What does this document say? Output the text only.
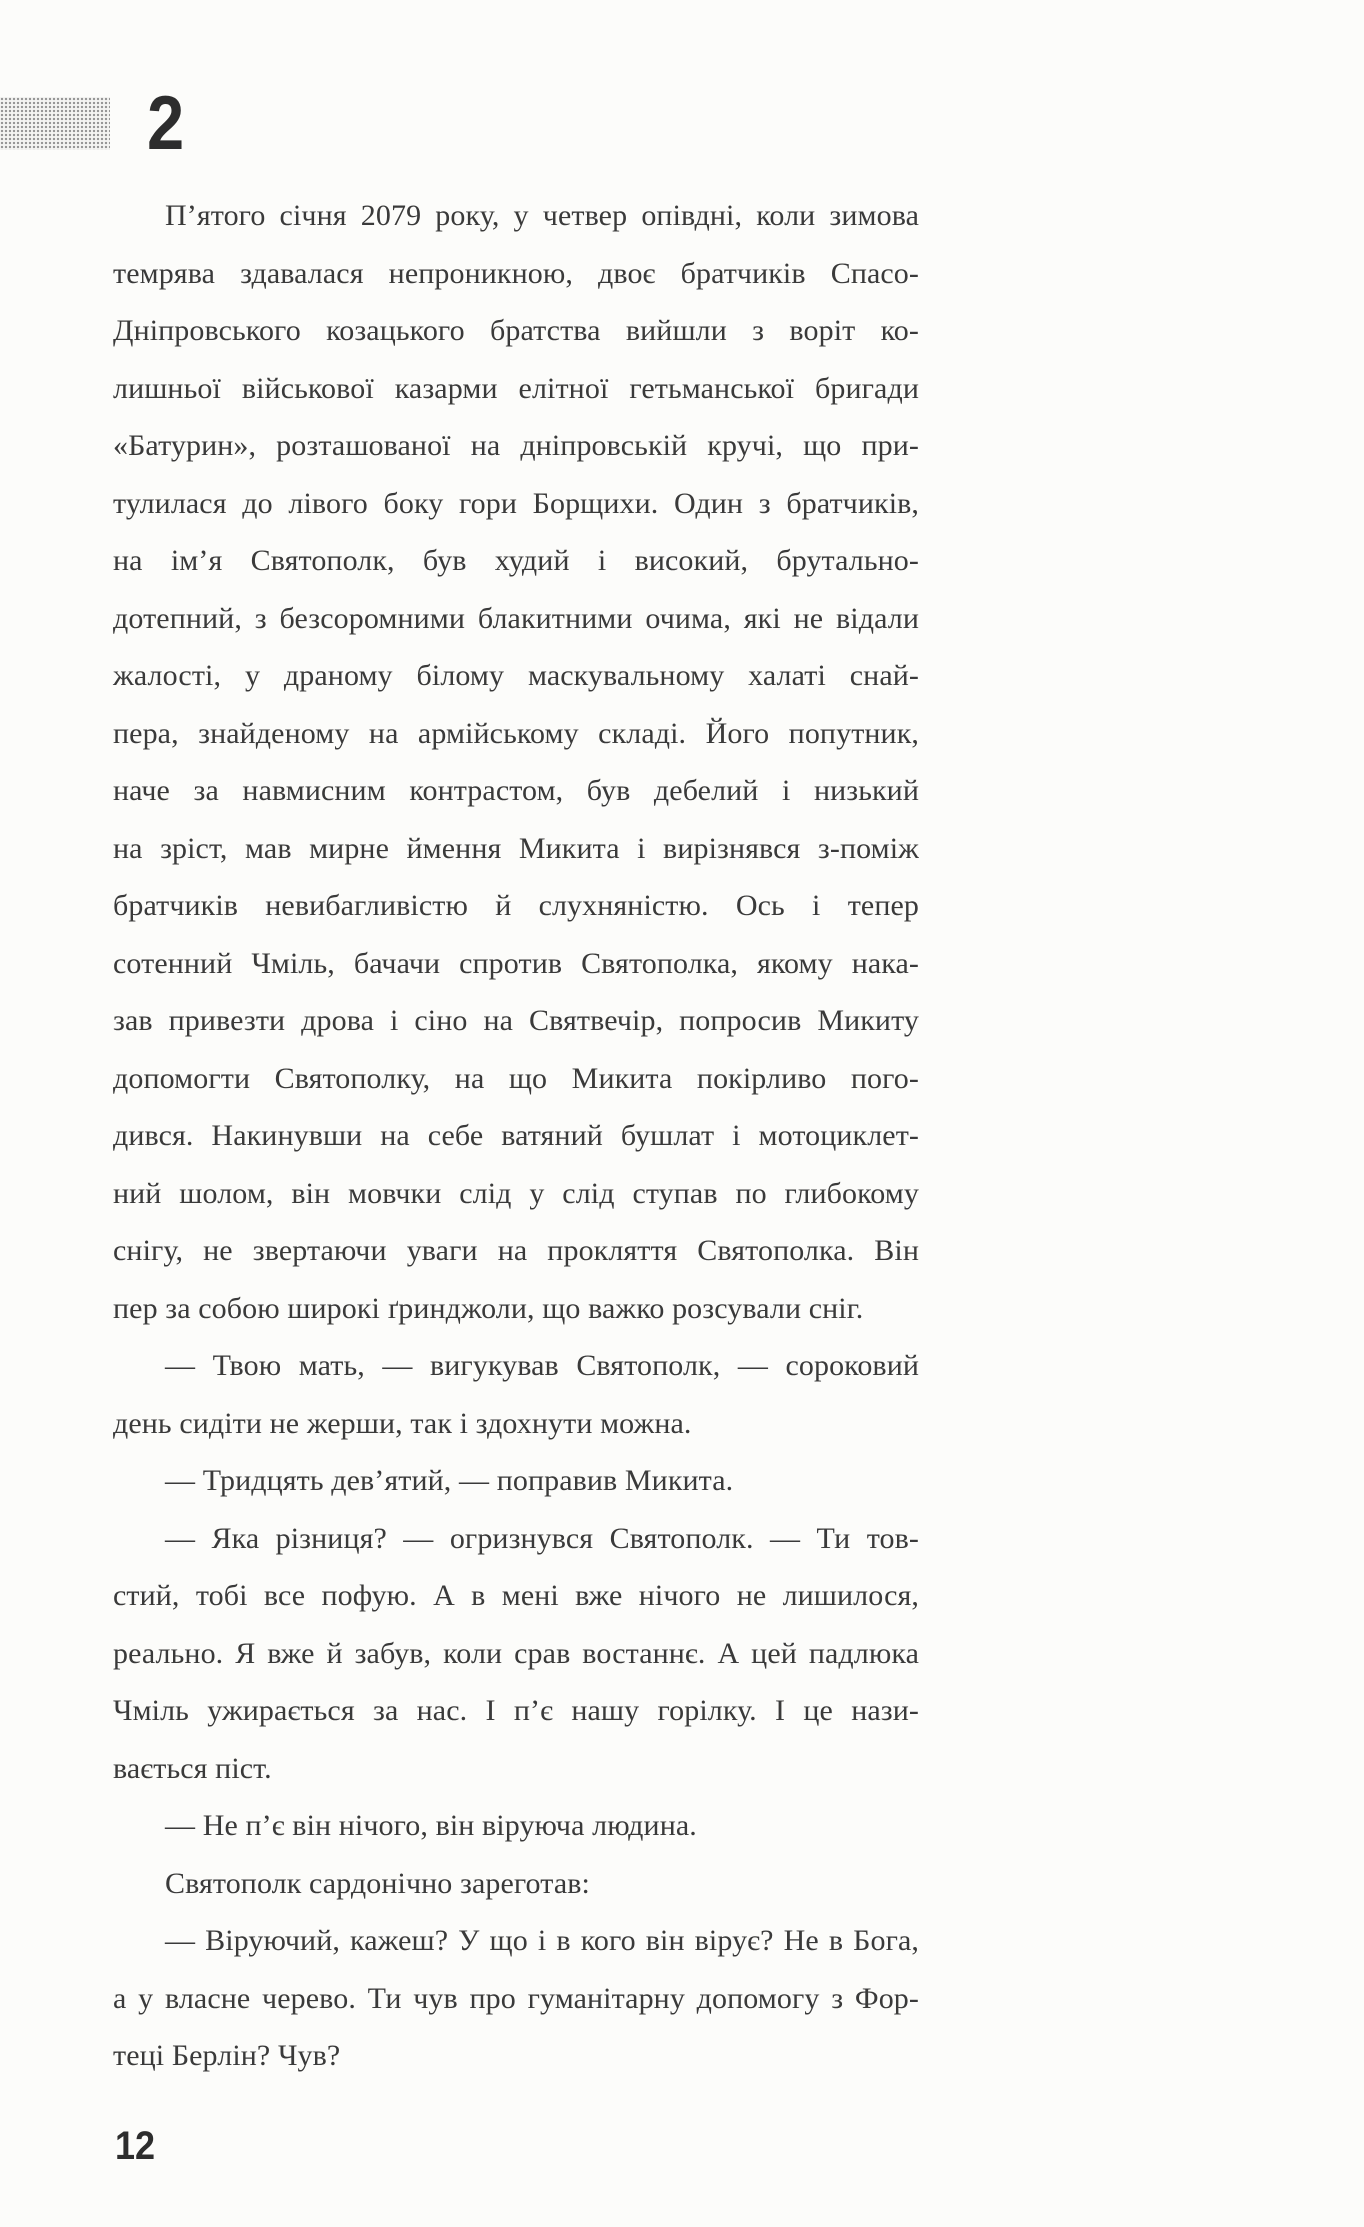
2
П’ятого січня 2079 року, у четвер опівдні, коли зимова
темрява здавалася непроникною, двоє братчиків Спасо-
Дніпровського козацького братства вийшли з воріт ко-
лишньої військової казарми елітної гетьманської бригади
«Батурин», розташованої на дніпровській кручі, що при-
тулилася до лівого боку гори Борщихи. Один з братчиків,
на ім’я Святополк, був худий і високий, брутально-
дотепний, з безсоромними блакитними очима, які не відали
жалості, у драному білому маскувальному халаті снай-
пера, знайденому на армійському складі. Його попутник,
наче за навмисним контрастом, був дебелий і низький
на зріст, мав мирне ймення Микита і вирізнявся з-поміж
братчиків невибагливістю й слухняністю. Ось і тепер
сотенний Чміль, бачачи спротив Святополка, якому нака-
зав привезти дрова і сіно на Святвечір, попросив Микиту
допомогти Святополку, на що Микита покірливо пого-
дився. Накинувши на себе ватяний бушлат і мотоциклет-
ний шолом, він мовчки слід у слід ступав по глибокому
снігу, не звертаючи уваги на прокляття Святополка. Він
пер за собою широкі ґринджоли, що важко розсували сніг.
— Твою мать, — вигукував Святополк, — сороковий
день сидіти не жерши, так і здохнути можна.
— Тридцять дев’ятий, — поправив Микита.
— Яка різниця? — огризнувся Святополк. — Ти тов-
стий, тобі все пофую. А в мені вже нічого не лишилося,
реально. Я вже й забув, коли срав востаннє. А цей падлюка
Чміль ужирається за нас. І п’є нашу горілку. І це нази-
вається піст.
— Не п’є він нічого, він віруюча людина.
Святополк сардонічно зареготав:
— Віруючий, кажеш? У що і в кого він вірує? Не в Бога,
а у власне черево. Ти чув про гуманітарну допомогу з Фор-
теці Берлін? Чув?
12
